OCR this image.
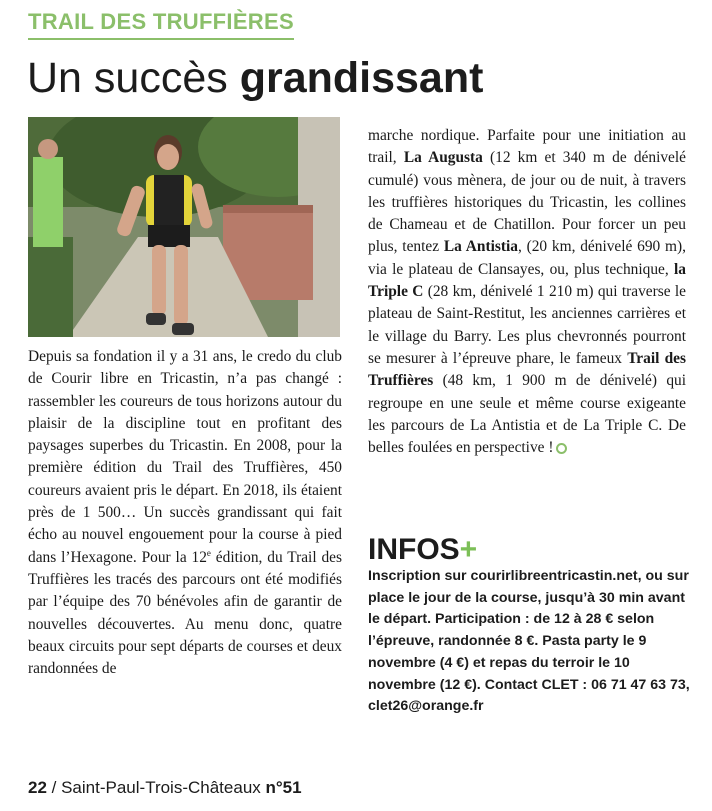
TRAIL DES TRUFFIÈRES
Un succès grandissant

Depuis sa fondation il y a 31 ans, le credo du club de Courir libre en Tricastin, n’a pas changé : rassembler les coureurs de tous horizons autour du plaisir de la discipline tout en profitant des paysages superbes du Tricastin. En 2008, pour la première édition du Trail des Truffières, 450 coureurs avaient pris le départ. En 2018, ils étaient près de 1 500… Un succès grandissant qui fait écho au nouvel engouement pour la course à pied dans l’Hexagone. Pour la 12e édition, du Trail des Truffières les tracés des parcours ont été modifiés par l’équipe des 70 bénévoles afin de garantir de nouvelles découvertes. Au menu donc, quatre beaux circuits pour sept départs de courses et deux randonnées de

marche nordique. Parfaite pour une initiation au trail, La Augusta (12 km et 340 m de dénivelé cumulé) vous mènera, de jour ou de nuit, à travers les truffières historiques du Tricastin, les collines de Chameau et de Chatillon. Pour forcer un peu plus, tentez La Antistia, (20 km, dénivelé 690 m), via le plateau de Clansayes, ou, plus technique, la Triple C (28 km, dénivelé 1 210 m) qui traverse le plateau de Saint-Restitut, les anciennes carrières et le village du Barry. Les plus chevronnés pourront se mesurer à l’épreuve phare, le fameux Trail des Truffières (48 km, 1 900 m de dénivelé) qui regroupe en une seule et même course exigeante les parcours de La Antistia et de La Triple C. De belles foulées en perspective !

INFOS+
Inscription sur courirlibreentricastin.net, ou sur place le jour de la course, jusqu’à 30 min avant le départ. Participation : de 12 à 28 € selon l’épreuve, randonnée 8 €. Pasta party le 9 novembre (4 €) et repas du terroir le 10 novembre (12 €). Contact CLET : 06 71 47 63 73, clet26@orange.fr
22 / Saint-Paul-Trois-Châteaux n°51
